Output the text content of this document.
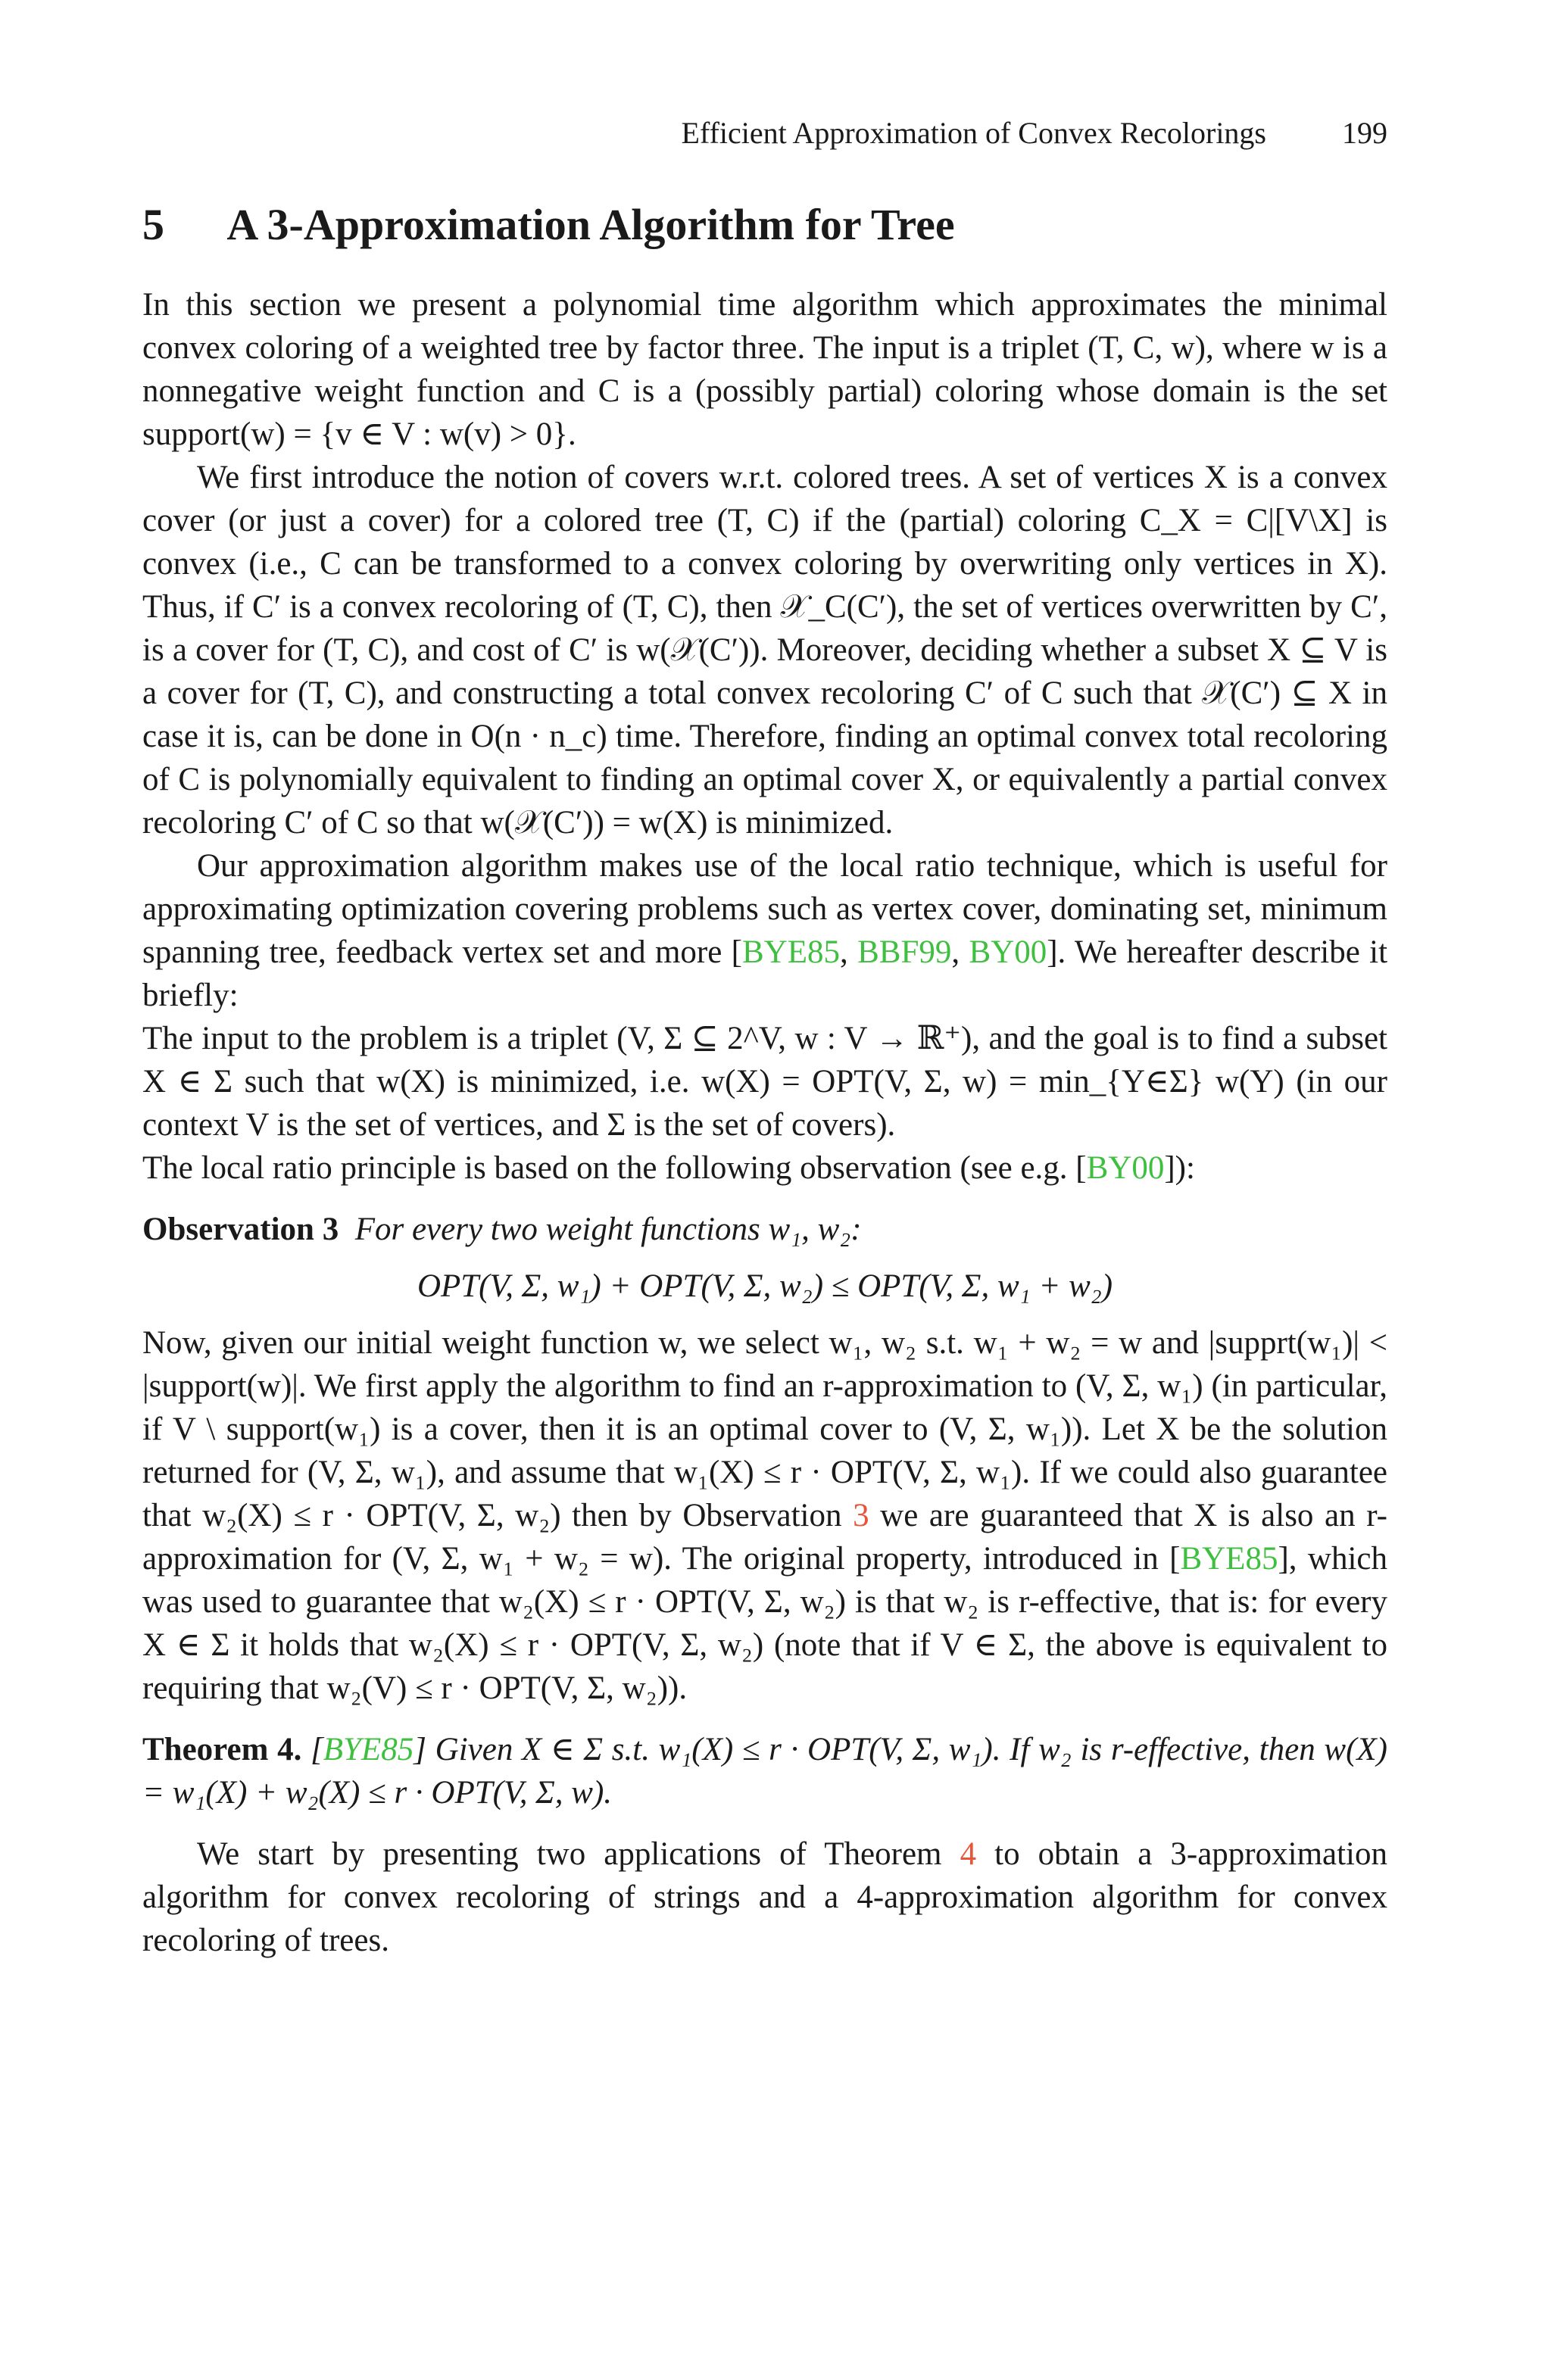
Efficient Approximation of Convex Recolorings	199
5 A 3-Approximation Algorithm for Tree

In this section we present a polynomial time algorithm which approximates the minimal convex coloring of a weighted tree by factor three. The input is a triplet (T, C, w), where w is a nonnegative weight function and C is a (possibly partial) coloring whose domain is the set support(w) = {v ∈ V : w(v) > 0}.

We first introduce the notion of covers w.r.t. colored trees. A set of vertices X is a convex cover (or just a cover) for a colored tree (T, C) if the (partial) coloring C_X = C|[V\X] is convex (i.e., C can be transformed to a convex coloring by overwriting only vertices in X). Thus, if C′ is a convex recoloring of (T, C), then 𝒳_C(C′), the set of vertices overwritten by C′, is a cover for (T, C), and cost of C′ is w(𝒳(C′)). Moreover, deciding whether a subset X ⊆ V is a cover for (T, C), and constructing a total convex recoloring C′ of C such that 𝒳(C′) ⊆ X in case it is, can be done in O(n · n_c) time. Therefore, finding an optimal convex total recoloring of C is polynomially equivalent to finding an optimal cover X, or equivalently a partial convex recoloring C′ of C so that w(𝒳(C′)) = w(X) is minimized.

Our approximation algorithm makes use of the local ratio technique, which is useful for approximating optimization covering problems such as vertex cover, dominating set, minimum spanning tree, feedback vertex set and more [BYE85, BBF99, BY00]. We hereafter describe it briefly:

The input to the problem is a triplet (V, Σ ⊆ 2^V, w : V → ℝ⁺), and the goal is to find a subset X ∈ Σ such that w(X) is minimized, i.e. w(X) = OPT(V, Σ, w) = min_{Y∈Σ} w(Y) (in our context V is the set of vertices, and Σ is the set of covers).

The local ratio principle is based on the following observation (see e.g. [BY00]):

Observation 3 For every two weight functions w₁, w₂:

OPT(V, Σ, w₁) + OPT(V, Σ, w₂) ≤ OPT(V, Σ, w₁ + w₂)

Now, given our initial weight function w, we select w₁, w₂ s.t. w₁ + w₂ = w and |supprt(w₁)| < |support(w)|. We first apply the algorithm to find an r-approximation to (V, Σ, w₁) (in particular, if V \ support(w₁) is a cover, then it is an optimal cover to (V, Σ, w₁)). Let X be the solution returned for (V, Σ, w₁), and assume that w₁(X) ≤ r · OPT(V, Σ, w₁). If we could also guarantee that w₂(X) ≤ r · OPT(V, Σ, w₂) then by Observation 3 we are guaranteed that X is also an r-approximation for (V, Σ, w₁ + w₂ = w). The original property, introduced in [BYE85], which was used to guarantee that w₂(X) ≤ r · OPT(V, Σ, w₂) is that w₂ is r-effective, that is: for every X ∈ Σ it holds that w₂(X) ≤ r · OPT(V, Σ, w₂) (note that if V ∈ Σ, the above is equivalent to requiring that w₂(V) ≤ r · OPT(V, Σ, w₂)).

Theorem 4. [BYE85] Given X ∈ Σ s.t. w₁(X) ≤ r · OPT(V, Σ, w₁). If w₂ is r-effective, then w(X) = w₁(X) + w₂(X) ≤ r · OPT(V, Σ, w).

We start by presenting two applications of Theorem 4 to obtain a 3-approximation algorithm for convex recoloring of strings and a 4-approximation algorithm for convex recoloring of trees.
